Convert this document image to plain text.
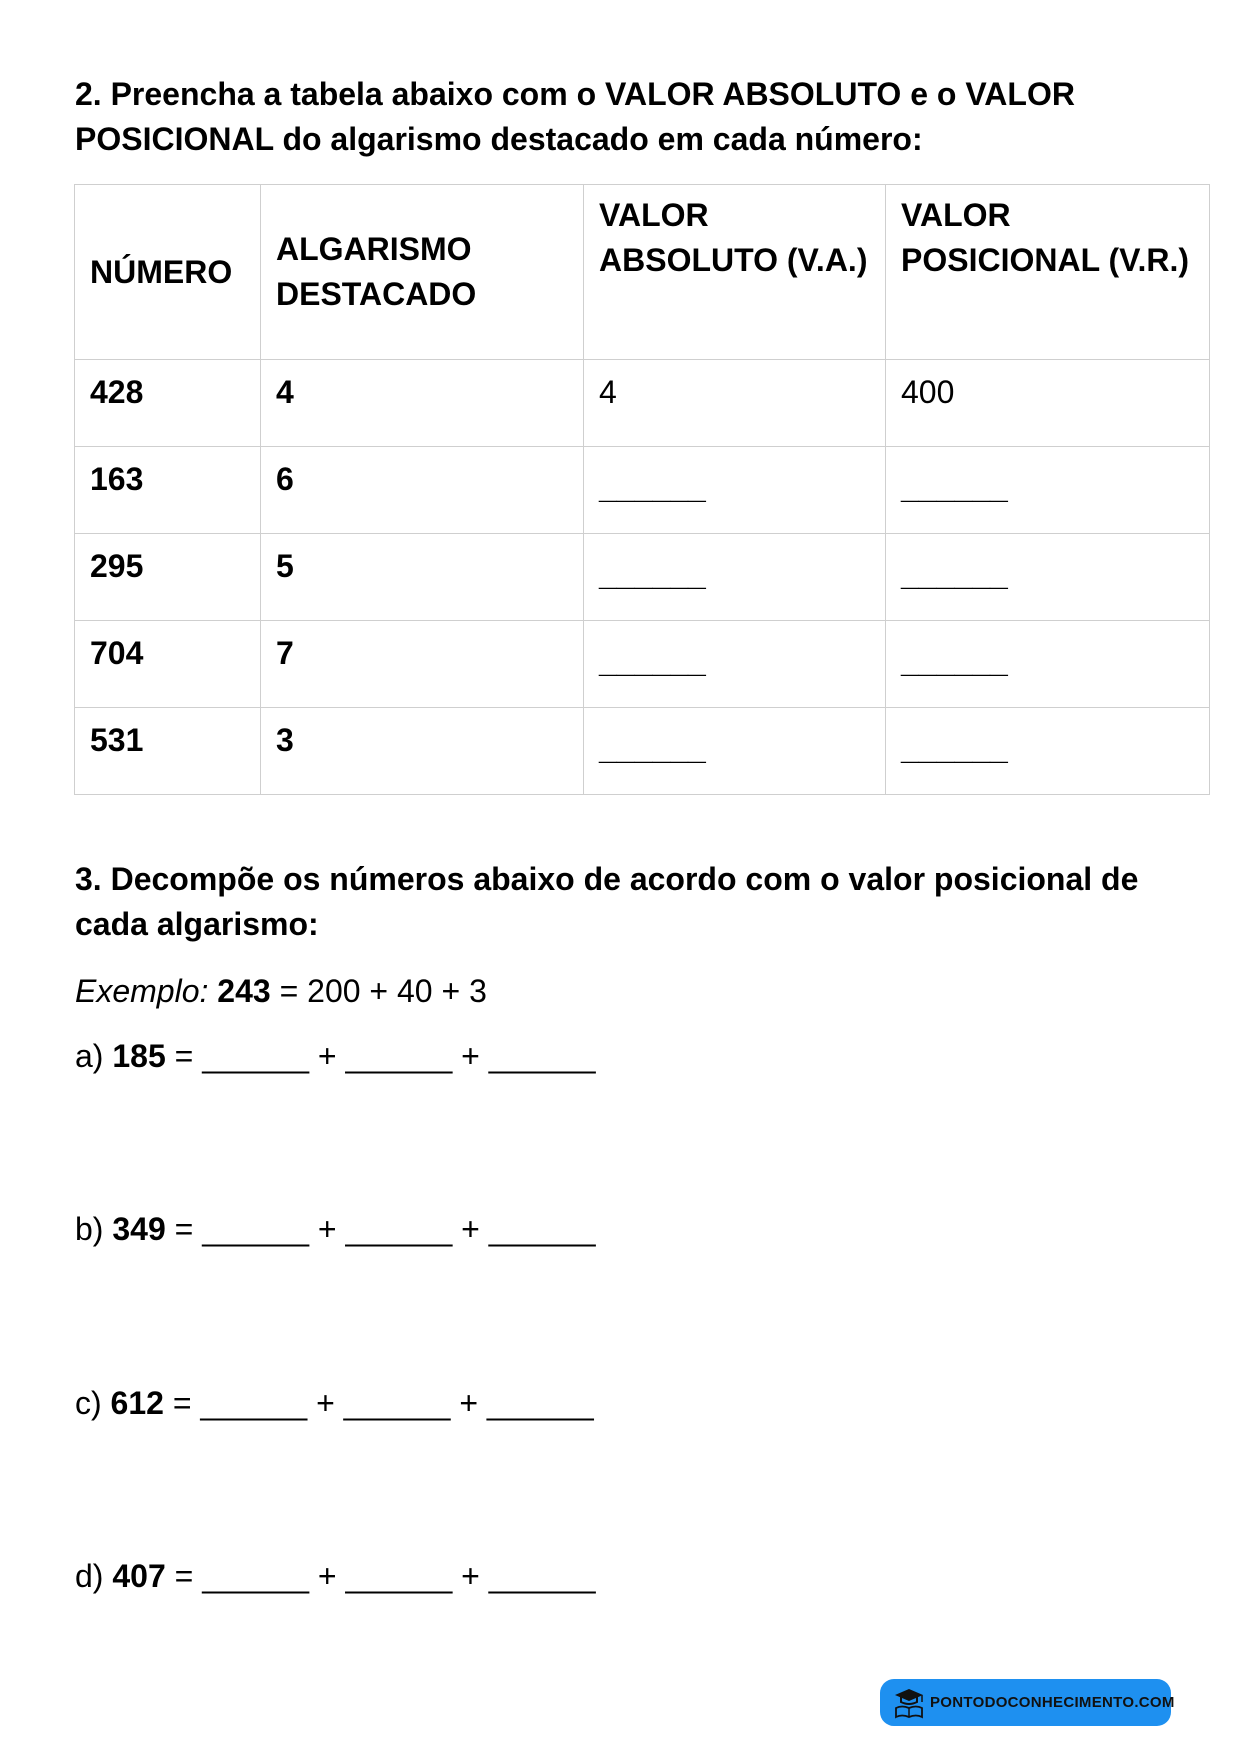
2. Preencha a tabela abaixo com o VALOR ABSOLUTO e o VALOR POSICIONAL do algarismo destacado em cada número:

NÚMERO	ALGARISMO DESTACADO	VALOR ABSOLUTO (V.A.)	VALOR POSICIONAL (V.R.)
428	4	4	400
163	6	______	______
295	5	______	______
704	7	______	______
531	3	______	______

3. Decompõe os números abaixo de acordo com o valor posicional de cada algarismo:

Exemplo: 243 = 200 + 40 + 3
a) 185 = ______ + ______ + ______
b) 349 = ______ + ______ + ______
c) 612 = ______ + ______ + ______
d) 407 = ______ + ______ + ______
PONTODOCONHECIMENTO.COM
